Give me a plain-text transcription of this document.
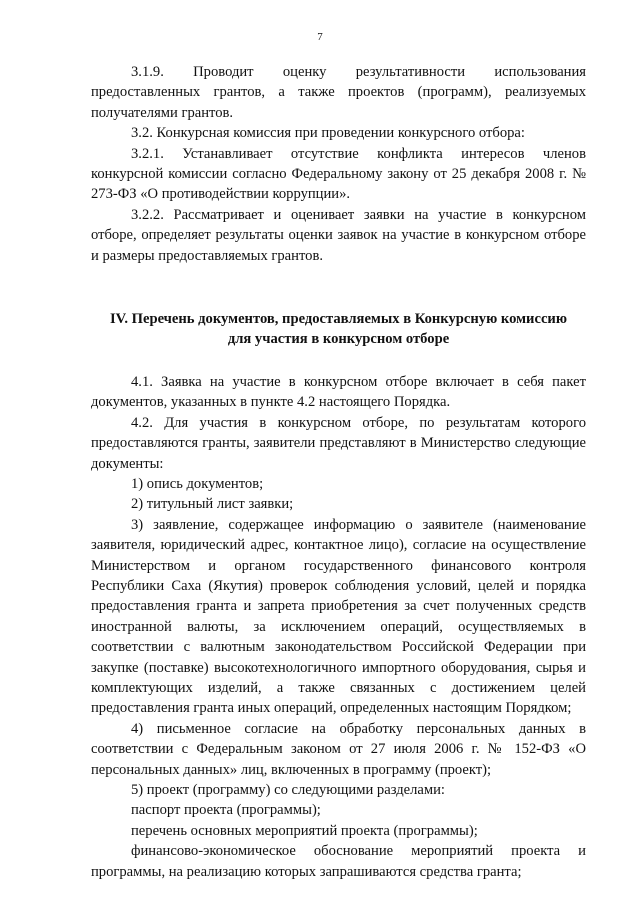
7

3.1.9. Проводит оценку результативности использования предоставленных грантов, а также проектов (программ), реализуемых получателями грантов.

3.2. Конкурсная комиссия при проведении конкурсного отбора:

3.2.1. Устанавливает отсутствие конфликта интересов членов конкурсной комиссии согласно Федеральному закону от 25 декабря 2008 г. № 273-ФЗ «О противодействии коррупции».

3.2.2. Рассматривает и оценивает заявки на участие в конкурсном отборе, определяет результаты оценки заявок на участие в конкурсном отборе и размеры предоставляемых грантов.

IV. Перечень документов, предоставляемых в Конкурсную комиссию
для участия в конкурсном отборе

4.1. Заявка на участие в конкурсном отборе включает в себя пакет документов, указанных в пункте 4.2 настоящего Порядка.

4.2. Для участия в конкурсном отборе, по результатам которого предоставляются гранты, заявители представляют в Министерство следующие документы:

1) опись документов;

2) титульный лист заявки;

3) заявление, содержащее информацию о заявителе (наименование заявителя, юридический адрес, контактное лицо), согласие на осуществление Министерством и органом государственного финансового контроля Республики Саха (Якутия) проверок соблюдения условий, целей и порядка предоставления гранта и запрета приобретения за счет полученных средств иностранной валюты, за исключением операций, осуществляемых в соответствии с валютным законодательством Российской Федерации при закупке (поставке) высокотехнологичного импортного оборудования, сырья и комплектующих изделий, а также связанных с достижением целей предоставления гранта иных операций, определенных настоящим Порядком;

4) письменное согласие на обработку персональных данных в соответствии с Федеральным законом от 27 июля 2006 г. № 152-ФЗ «О персональных данных» лиц, включенных в программу (проект);

5) проект (программу) со следующими разделами:

паспорт проекта (программы);

перечень основных мероприятий проекта (программы);

финансово-экономическое обоснование мероприятий проекта и программы, на реализацию которых запрашиваются средства гранта;
